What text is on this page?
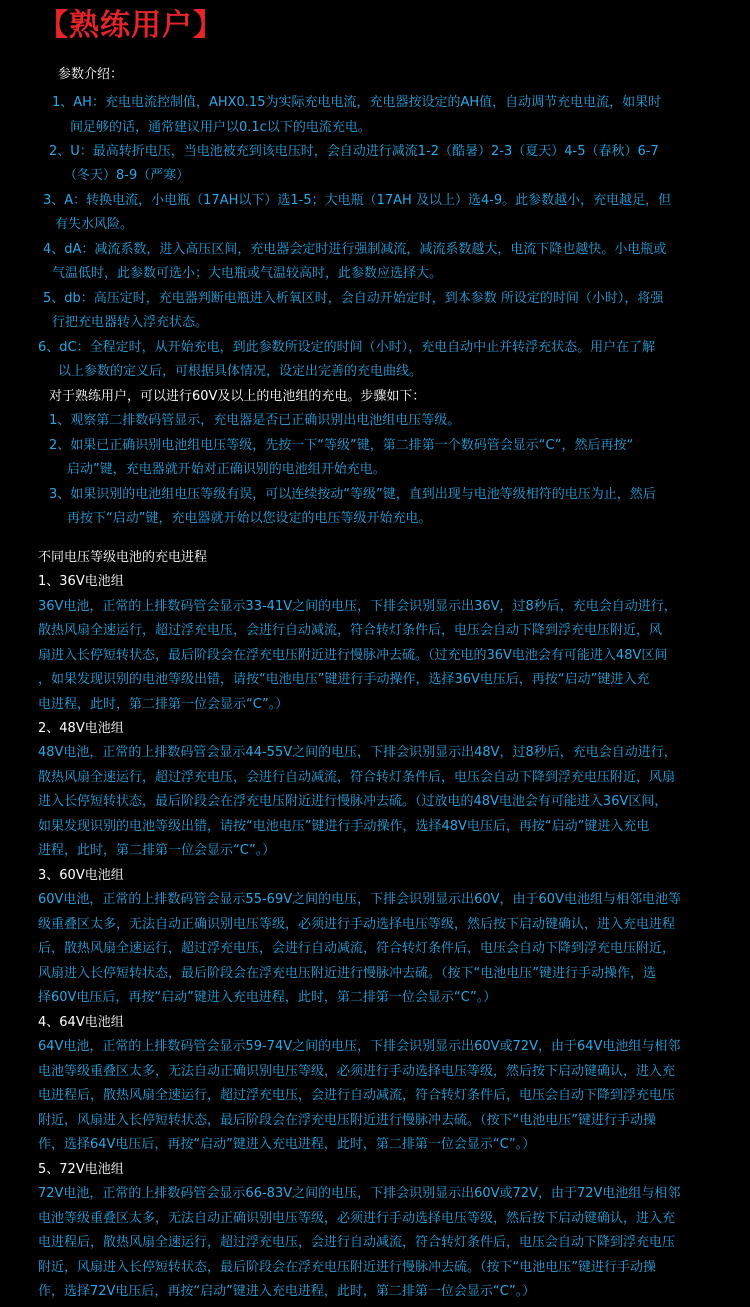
【熟练用户】

参数介绍：

1、AH：充电电流控制值，AHX0.15为实际充电电流，充电器按设定的AH值，自动调节充电电流，如果时

间足够的话，通常建议用户以0.1c以下的电流充电。

2、U：最高转折电压，当电池被充到该电压时，会自动进行减流1-2（酷暑）2-3（夏天）4-5（春秋）6-7

（冬天）8-9（严寒）

3、A：转换电流，小电瓶（17AH以下）选1-5；大电瓶（17AH 及以上）选4-9。此参数越小，充电越足，但

有失水风险。

4、dA：减流系数，进入高压区间，充电器会定时进行强制减流，减流系数越大，电流下降也越快。小电瓶或

气温低时，此参数可选小；大电瓶或气温较高时，此参数应选择大。

5、db：高压定时，充电器判断电瓶进入析氧区时，会自动开始定时，到本参数 所设定的时间（小时），将强

行把充电器转入浮充状态。

6、dC：全程定时，从开始充电，到此参数所设定的时间（小时），充电自动中止并转浮充状态。用户在了解

以上参数的定义后，可根据具体情况，设定出完善的充电曲线。

对于熟练用户，可以进行60V及以上的电池组的充电。步骤如下：

1、观察第二排数码管显示，充电器是否已正确识别出电池组电压等级。

2、如果已正确识别电池组电压等级，先按一下“等级”键，第二排第一个数码管会显示“C”，然后再按“

启动”键，充电器就开始对正确识别的电池组开始充电。

3、如果识别的电池组电压等级有误，可以连续按动“等级”键，直到出现与电池等级相符的电压为止，然后

再按下“启动”键，充电器就开始以您设定的电压等级开始充电。

不同电压等级电池的充电进程

1、36V电池组

36V电池，正常的上排数码管会显示33-41V之间的电压，下排会识别显示出36V，过8秒后，充电会自动进行，

散热风扇全速运行，超过浮充电压，会进行自动减流，符合转灯条件后，电压会自动下降到浮充电压附近，风

扇进入长停短转状态，最后阶段会在浮充电压附近进行慢脉冲去硫。（过充电的36V电池会有可能进入48V区间

，如果发现识别的电池等级出错，请按“电池电压”键进行手动操作，选择36V电压后，再按“启动”键进入充

电进程，此时，第二排第一位会显示“C”。）

2、48V电池组

48V电池，正常的上排数码管会显示44-55V之间的电压，下排会识别显示出48V，过8秒后，充电会自动进行，

散热风扇全速运行，超过浮充电压，会进行自动减流，符合转灯条件后，电压会自动下降到浮充电压附近，风扇

进入长停短转状态，最后阶段会在浮充电压附近进行慢脉冲去硫。（过放电的48V电池会有可能进入36V区间，

如果发现识别的电池等级出错，请按“电池电压”键进行手动操作，选择48V电压后，再按“启动”键进入充电

进程，此时，第二排第一位会显示“C”。）

3、60V电池组

60V电池，正常的上排数码管会显示55-69V之间的电压，下排会识别显示出60V，由于60V电池组与相邻电池等

级重叠区太多，无法自动正确识别电压等级，必须进行手动选择电压等级，然后按下启动键确认，进入充电进程

后，散热风扇全速运行，超过浮充电压，会进行自动减流，符合转灯条件后，电压会自动下降到浮充电压附近，

风扇进入长停短转状态，最后阶段会在浮充电压附近进行慢脉冲去硫。（按下“电池电压”键进行手动操作，选

择60V电压后，再按“启动”键进入充电进程，此时，第二排第一位会显示“C”。）

4、64V电池组

64V电池，正常的上排数码管会显示59-74V之间的电压，下排会识别显示出60V或72V，由于64V电池组与相邻

电池等级重叠区太多，无法自动正确识别电压等级，必须进行手动选择电压等级，然后按下启动键确认，进入充

电进程后，散热风扇全速运行，超过浮充电压，会进行自动减流，符合转灯条件后，电压会自动下降到浮充电压

附近，风扇进入长停短转状态，最后阶段会在浮充电压附近进行慢脉冲去硫。（按下“电池电压”键进行手动操

作，选择64V电压后，再按“启动”键进入充电进程，此时，第二排第一位会显示“C”。）

5、72V电池组

72V电池，正常的上排数码管会显示66-83V之间的电压，下排会识别显示出60V或72V，由于72V电池组与相邻

电池等级重叠区太多，无法自动正确识别电压等级，必须进行手动选择电压等级，然后按下启动键确认，进入充

电进程后，散热风扇全速运行，超过浮充电压，会进行自动减流，符合转灯条件后，电压会自动下降到浮充电压

附近，风扇进入长停短转状态，最后阶段会在浮充电压附近进行慢脉冲去硫。（按下“电池电压”键进行手动操

作，选择72V电压后，再按“启动”键进入充电进程，此时，第二排第一位会显示“C”。）
